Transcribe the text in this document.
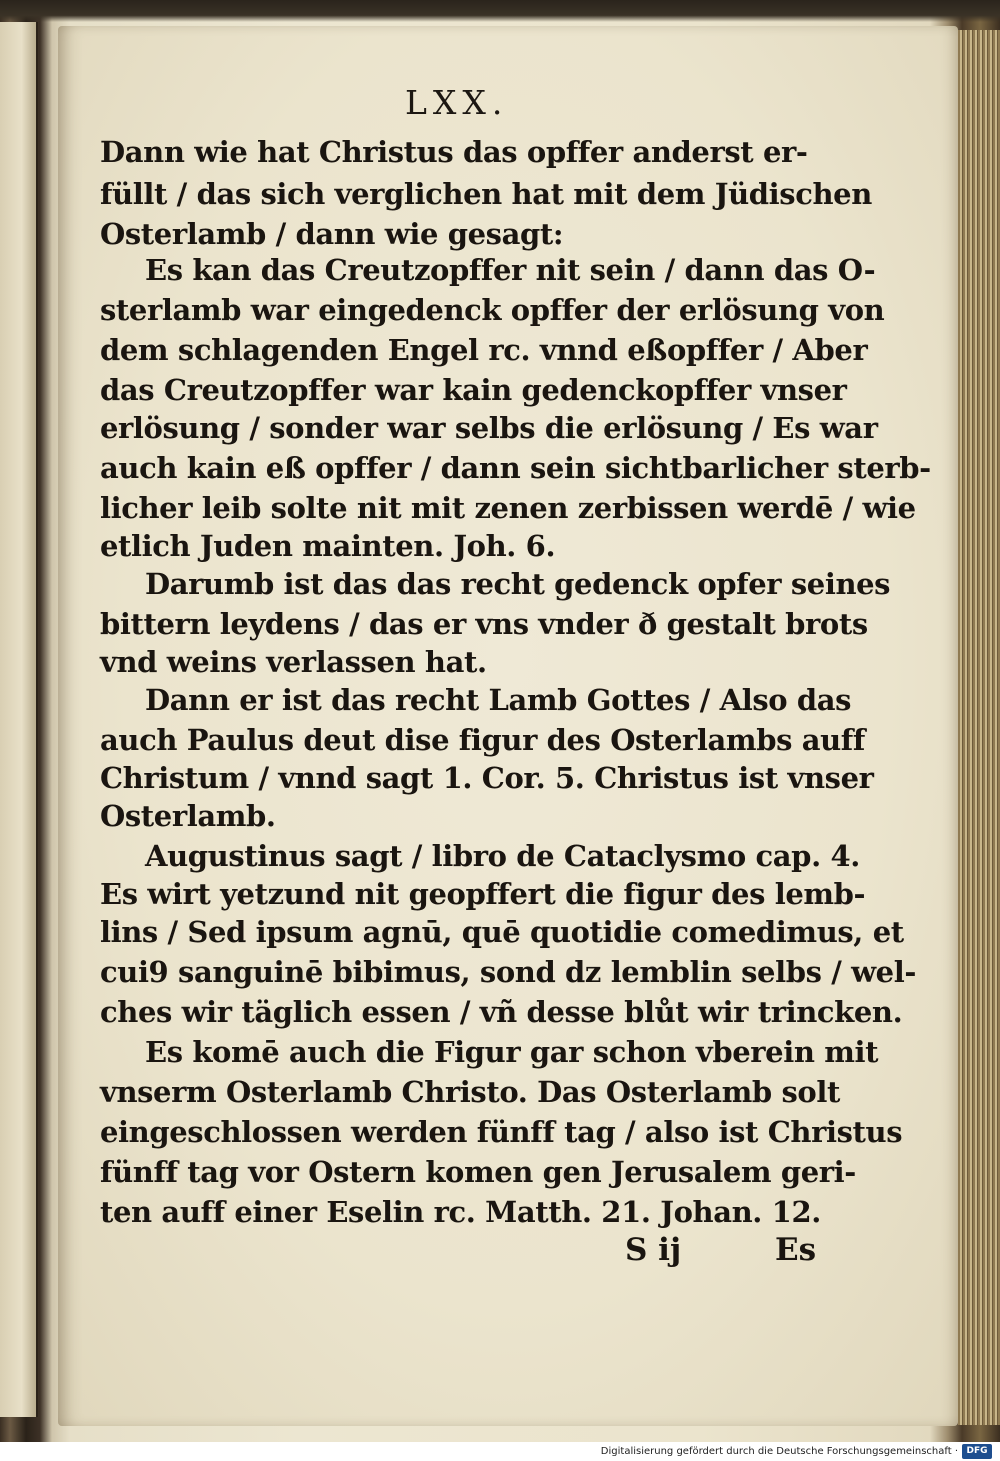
LXX.
Dann wie hat Christus das opffer anderst er-
füllt / das sich verglichen hat mit dem Jüdischen
Osterlamb / dann wie gesagt:
Es kan das Creutzopffer nit sein / dann das O-
sterlamb war eingedenck opffer der erlösung von
dem schlagenden Engel rc. vnnd eßopffer / Aber
das Creutzopffer war kain gedenckopffer vnser
erlösung / sonder war selbs die erlösung / Es war
auch kain eß opffer / dann sein sichtbarlicher sterb-
licher leib solte nit mit zenen zerbissen werdē / wie
etlich Juden mainten. Joh. 6.
Darumb ist das das recht gedenck opfer seines
bittern leydens / das er vns vnder ð gestalt brots
vnd weins verlassen hat.
Dann er ist das recht Lamb Gottes / Also das
auch Paulus deut dise figur des Osterlambs auff
Christum / vnnd sagt 1. Cor. 5. Christus ist vnser
Osterlamb.
Augustinus sagt / libro de Cataclysmo cap. 4.
Es wirt yetzund nit geopffert die figur des lemb-
lins / Sed ipsum agnū, quē quotidie comedimus, et
cui9 sanguinē bibimus, sond dz lemblin selbs / wel-
ches wir täglich essen / vñ desse blůt wir trincken.
Es komē auch die Figur gar schon vberein mit
vnserm Osterlamb Christo. Das Osterlamb solt
eingeschlossen werden fünff tag / also ist Christus
fünff tag vor Ostern komen gen Jerusalem geri-
ten auff einer Eselin rc. Matth. 21. Johan. 12.
S ij	Es
Digitalisierung gefördert durch die Deutsche Forschungsgemeinschaft · DFG
